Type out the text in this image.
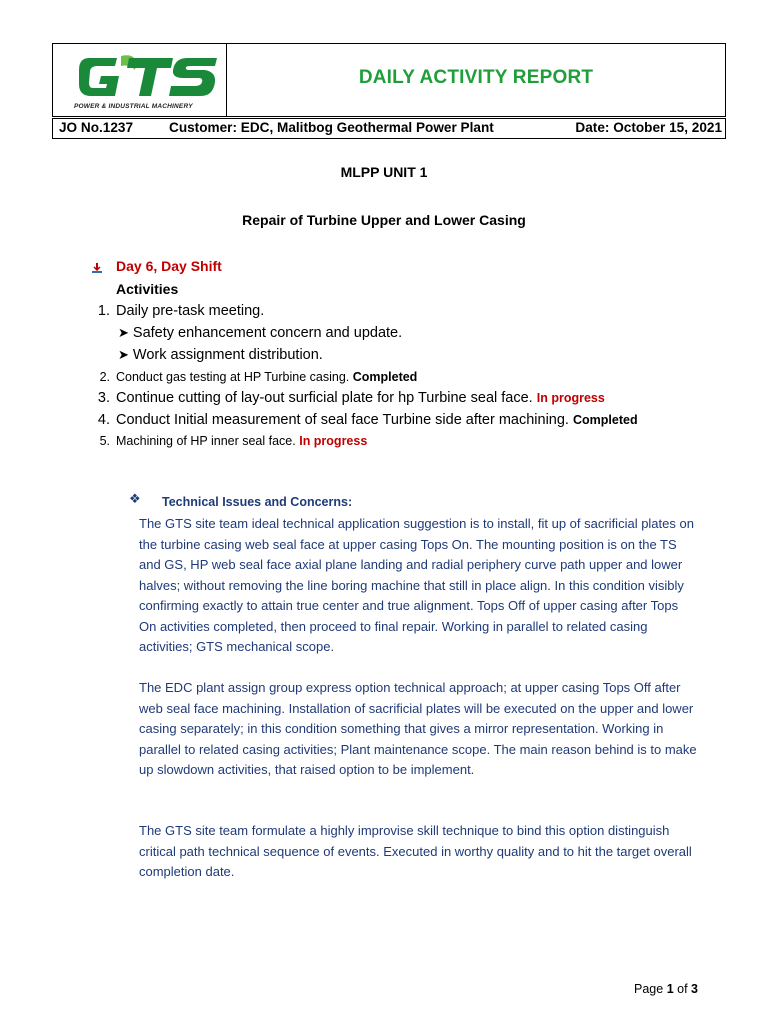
POWER & INDUSTRIAL MACHINERY
DAILY ACTIVITY REPORT
JO No.1237	Customer: EDC, Malitbog Geothermal Power Plant	Date: October 15, 2021
MLPP UNIT 1
Repair of Turbine Upper and Lower Casing
Day 6, Day Shift
Activities
1. Daily pre-task meeting.
➤ Safety enhancement concern and update.
➤ Work assignment distribution.
2. Conduct gas testing at HP Turbine casing. Completed
3. Continue cutting of lay-out surficial plate for hp Turbine seal face. In progress
4. Conduct Initial measurement of seal face Turbine side after machining. Completed
5. Machining of HP inner seal face. In progress
❖ Technical Issues and Concerns:

The GTS site team ideal technical application suggestion is to install, fit up of sacrificial plates on the turbine casing web seal face at upper casing Tops On. The mounting position is on the TS and GS, HP web seal face axial plane landing and radial periphery curve path upper and lower halves; without removing the line boring machine that still in place align. In this condition visibly confirming exactly to attain true center and true alignment. Tops Off of upper casing after Tops On activities completed, then proceed to final repair. Working in parallel to related casing activities; GTS mechanical scope.

The EDC plant assign group express option technical approach; at upper casing Tops Off after web seal face machining. Installation of sacrificial plates will be executed on the upper and lower casing separately; in this condition something that gives a mirror representation. Working in parallel to related casing activities; Plant maintenance scope. The main reason behind is to make up slowdown activities, that raised option to be implement.

The GTS site team formulate a highly improvise skill technique to bind this option distinguish critical path technical sequence of events. Executed in worthy quality and to hit the target overall completion date.

Page 1 of 3
